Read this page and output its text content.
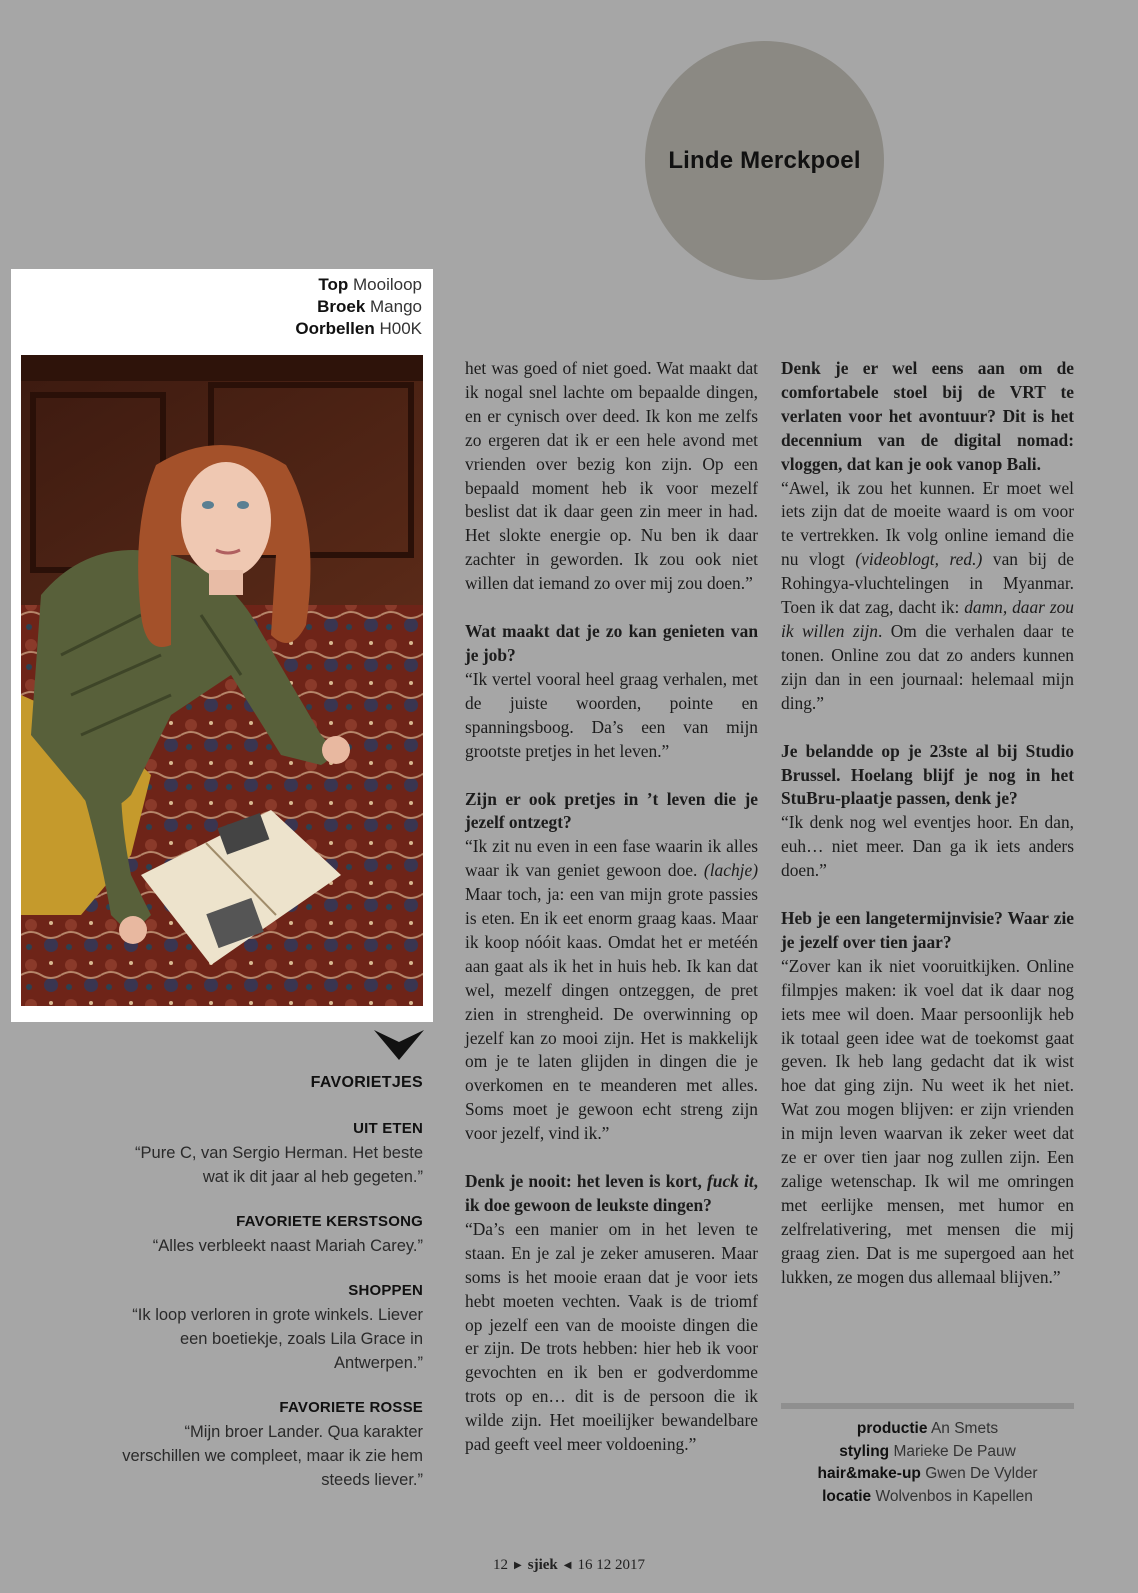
Linde Merckpoel
Top Mooiloop
Broek Mango
Oorbellen H00K
FAVORIETJES
UIT ETEN
“Pure C, van Sergio Herman. Het beste wat ik dit jaar al heb gegeten.”
FAVORIETE KERSTSONG
“Alles verbleekt naast Mariah Carey.”
SHOPPEN
“Ik loop verloren in grote winkels. Liever een boetiekje, zoals Lila Grace in Antwerpen.”
FAVORIETE ROSSE
“Mijn broer Lander. Qua karakter verschillen we compleet, maar ik zie hem steeds liever.”

het was goed of niet goed. Wat maakt dat ik nogal snel lachte om bepaalde dingen, en er cynisch over deed. Ik kon me zelfs zo ergeren dat ik er een hele avond met vrienden over bezig kon zijn. Op een bepaald moment heb ik voor mezelf beslist dat ik daar geen zin meer in had. Het slokte energie op. Nu ben ik daar zachter in geworden. Ik zou ook niet willen dat iemand zo over mij zou doen.”

Wat maakt dat je zo kan genieten van je job?

“Ik vertel vooral heel graag verhalen, met de juiste woorden, pointe en spanningsboog. Da’s een van mijn grootste pretjes in het leven.”

Zijn er ook pretjes in ’t leven die je jezelf ontzegt?

“Ik zit nu even in een fase waarin ik alles waar ik van geniet gewoon doe. (lachje) Maar toch, ja: een van mijn grote passies is eten. En ik eet enorm graag kaas. Maar ik koop nóóit kaas. Omdat het er metéén aan gaat als ik het in huis heb. Ik kan dat wel, mezelf dingen ontzeggen, de pret zien in strengheid. De overwinning op jezelf kan zo mooi zijn. Het is makkelijk om je te laten glijden in dingen die je overkomen en te meanderen met alles. Soms moet je gewoon echt streng zijn voor jezelf, vind ik.”

Denk je nooit: het leven is kort, fuck it, ik doe gewoon de leukste dingen?

“Da’s een manier om in het leven te staan. En je zal je zeker amuseren. Maar soms is het mooie eraan dat je voor iets hebt moeten vechten. Vaak is de triomf op jezelf een van de mooiste dingen die er zijn. De trots hebben: hier heb ik voor gevochten en ik ben er godverdomme trots op en… dit is de persoon die ik wilde zijn. Het moeilijker bewandelbare pad geeft veel meer voldoening.”

Denk je er wel eens aan om de comfortabele stoel bij de VRT te verlaten voor het avontuur? Dit is het decennium van de digital nomad: vloggen, dat kan je ook vanop Bali.

“Awel, ik zou het kunnen. Er moet wel iets zijn dat de moeite waard is om voor te vertrekken. Ik volg online iemand die nu vlogt (videoblogt, red.) van bij de Rohingya-vluchtelingen in Myanmar. Toen ik dat zag, dacht ik: damn, daar zou ik willen zijn. Om die verhalen daar te tonen. Online zou dat zo anders kunnen zijn dan in een journaal: helemaal mijn ding.”

Je belandde op je 23ste al bij Studio Brussel. Hoelang blijf je nog in het StuBru-plaatje passen, denk je?

“Ik denk nog wel eventjes hoor. En dan, euh… niet meer. Dan ga ik iets anders doen.”

Heb je een langetermijnvisie? Waar zie je jezelf over tien jaar?

“Zover kan ik niet vooruitkijken. Online filmpjes maken: ik voel dat ik daar nog iets mee wil doen. Maar persoonlijk heb ik totaal geen idee wat de toekomst gaat geven. Ik heb lang gedacht dat ik wist hoe dat ging zijn. Nu weet ik het niet. Wat zou mogen blijven: er zijn vrienden in mijn leven waarvan ik zeker weet dat ze er over tien jaar nog zullen zijn. Een zalige wetenschap. Ik wil me omringen met eerlijke mensen, met humor en zelfrelativering, met mensen die mij graag zien. Dat is me supergoed aan het lukken, ze mogen dus allemaal blijven.”

productie An Smets
styling Marieke De Pauw
hair&make-up Gwen De Vylder
locatie Wolvenbos in Kapellen
12 ▶ sjiek ◀ 16 12 2017
